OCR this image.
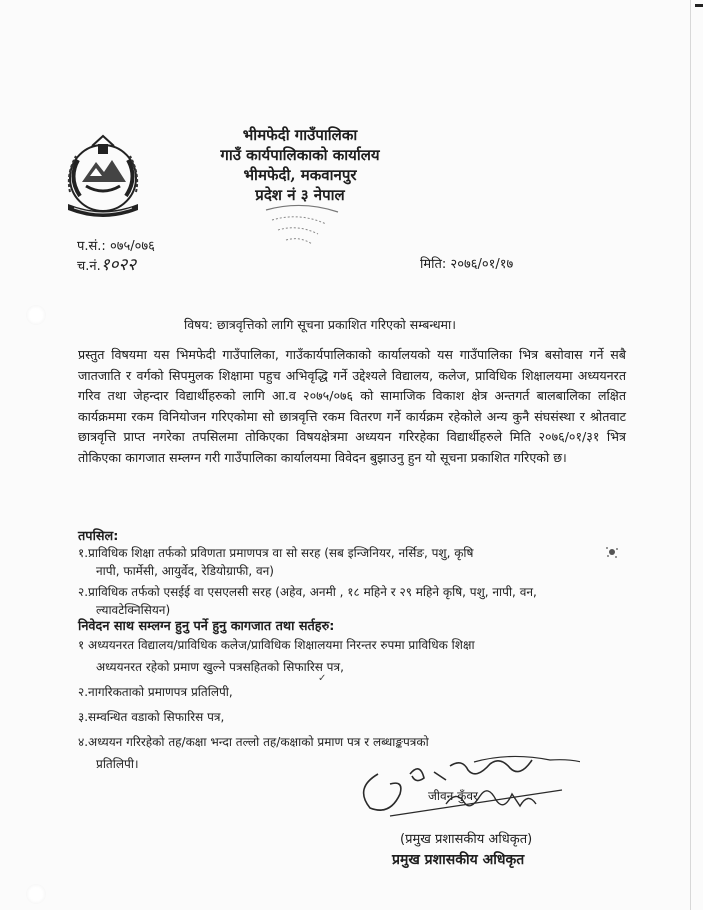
भीमफेदी गाउँपालिका
गाउँ कार्यपालिकाको कार्यालय
भीमफेदी, मकवानपुर
प्रदेश नं ३ नेपाल
प.सं.: ०७५/०७६
च.नं.१०२२	मिति: २०७६/०१/१७
विषय: छात्रवृत्तिको लागि सूचना प्रकाशित गरिएको सम्बन्धमा।
प्रस्तुत विषयमा यस भिमफेदी गाउँपालिका, गाउँकार्यपालिकाको कार्यालयको यस गाउँपालिका भित्र बसोवास गर्ने सबै जातजाति र वर्गको सिपमुलक शिक्षामा पहुच अभिवृद्धि गर्ने उद्देश्यले विद्यालय, कलेज, प्राविधिक शिक्षालयमा अध्ययनरत गरिव तथा जेहन्दार विद्यार्थीहरुको लागि आ.व २०७५/०७६ को सामाजिक विकाश क्षेत्र अन्तगर्त बालबालिका लक्षित कार्यक्रममा रकम विनियोजन गरिएकोमा सो छात्रवृत्ति रकम वितरण गर्ने कार्यक्रम रहेकोले अन्य कुनै संघसंस्था र श्रोतवाट छात्रवृत्ति प्राप्त नगरेका तपसिलमा तोकिएका विषयक्षेत्रमा अध्ययन गरिरहेका विद्यार्थीहरुले मिति २०७६/०१/३१ भित्र तोकिएका कागजात सम्लग्न गरी गाउँपालिका कार्यालयमा विवेदन बुझाउनु हुन यो सूचना प्रकाशित गरिएको छ।
तपसिल:
१.प्राविधिक शिक्षा तर्फको प्रविणता प्रमाणपत्र वा सो सरह (सब इन्जिनियर, नर्सिङ, पशु, कृषि
नापी, फार्मेसी, आयुर्वेद, रेडियोग्राफी, वन)
२.प्राविधिक तर्फको एसईई वा एसएलसी सरह (अहेव, अनमी , १८ महिने र २९ महिने कृषि, पशु, नापी, वन,
ल्यावटेक्निसियन)
निवेदन साथ सम्लग्न हुनु पर्ने हुनु कागजात तथा सर्तहरु:
१ अध्ययनरत विद्यालय/प्राविधिक कलेज/प्राविधिक शिक्षालयमा निरन्तर रुपमा प्राविधिक शिक्षा
अध्ययनरत रहेको प्रमाण खुल्ने पत्रसहितको सिफारिस पत्र,
२.नागरिकताको प्रमाणपत्र प्रतिलिपी,
३.सम्वन्धित वडाको सिफारिस पत्र,
४.अध्ययन गरिरहेको तह/कक्षा भन्दा तल्लो तह/कक्षाको प्रमाण पत्र र लब्धाङ्कपत्रको
प्रतिलिपी।
✓
जीवन कुँवर
(प्रमुख प्रशासकीय अधिकृत)
प्रमुख प्रशासकीय अधिकृत
